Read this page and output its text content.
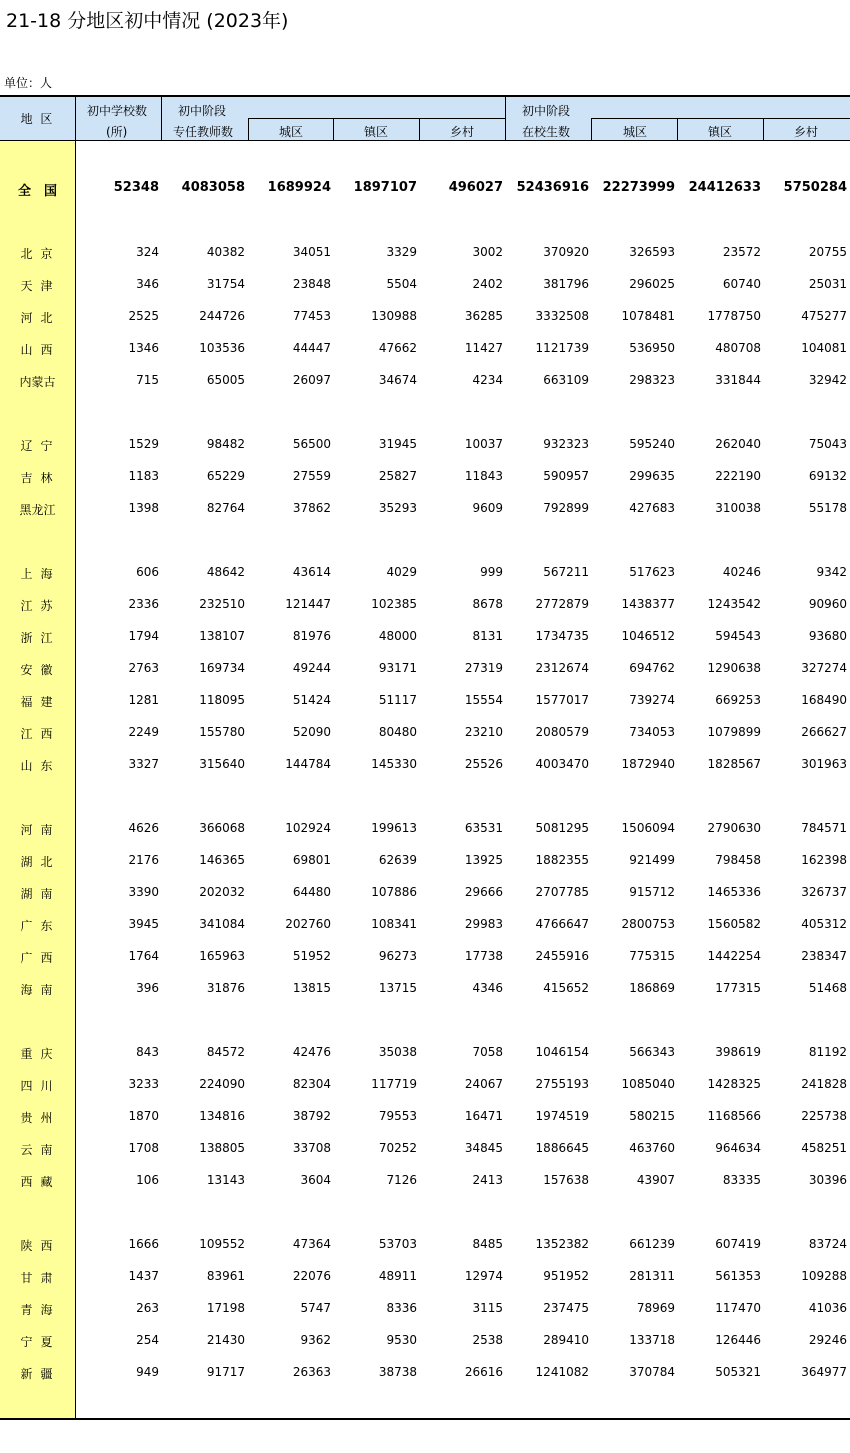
21-18 分地区初中情况 (2023年)
单位：人
地 区
初中学校数
(所)
初中阶段
专任教师数	城区	镇区	乡村
初中阶段
在校生数	城区	镇区	乡村
全　国	52348	4083058	1689924	1897107	496027	52436916	22273999	24412633	5750284
北京	324	40382	34051	3329	3002	370920	326593	23572	20755
天津	346	31754	23848	5504	2402	381796	296025	60740	25031
河北	2525	244726	77453	130988	36285	3332508	1078481	1778750	475277
山西	1346	103536	44447	47662	11427	1121739	536950	480708	104081
内蒙古	715	65005	26097	34674	4234	663109	298323	331844	32942
辽宁	1529	98482	56500	31945	10037	932323	595240	262040	75043
吉林	1183	65229	27559	25827	11843	590957	299635	222190	69132
黑龙江	1398	82764	37862	35293	9609	792899	427683	310038	55178
上海	606	48642	43614	4029	999	567211	517623	40246	9342
江苏	2336	232510	121447	102385	8678	2772879	1438377	1243542	90960
浙江	1794	138107	81976	48000	8131	1734735	1046512	594543	93680
安徽	2763	169734	49244	93171	27319	2312674	694762	1290638	327274
福建	1281	118095	51424	51117	15554	1577017	739274	669253	168490
江西	2249	155780	52090	80480	23210	2080579	734053	1079899	266627
山东	3327	315640	144784	145330	25526	4003470	1872940	1828567	301963
河南	4626	366068	102924	199613	63531	5081295	1506094	2790630	784571
湖北	2176	146365	69801	62639	13925	1882355	921499	798458	162398
湖南	3390	202032	64480	107886	29666	2707785	915712	1465336	326737
广东	3945	341084	202760	108341	29983	4766647	2800753	1560582	405312
广西	1764	165963	51952	96273	17738	2455916	775315	1442254	238347
海南	396	31876	13815	13715	4346	415652	186869	177315	51468
重庆	843	84572	42476	35038	7058	1046154	566343	398619	81192
四川	3233	224090	82304	117719	24067	2755193	1085040	1428325	241828
贵州	1870	134816	38792	79553	16471	1974519	580215	1168566	225738
云南	1708	138805	33708	70252	34845	1886645	463760	964634	458251
西藏	106	13143	3604	7126	2413	157638	43907	83335	30396
陕西	1666	109552	47364	53703	8485	1352382	661239	607419	83724
甘肃	1437	83961	22076	48911	12974	951952	281311	561353	109288
青海	263	17198	5747	8336	3115	237475	78969	117470	41036
宁夏	254	21430	9362	9530	2538	289410	133718	126446	29246
新疆	949	91717	26363	38738	26616	1241082	370784	505321	364977
